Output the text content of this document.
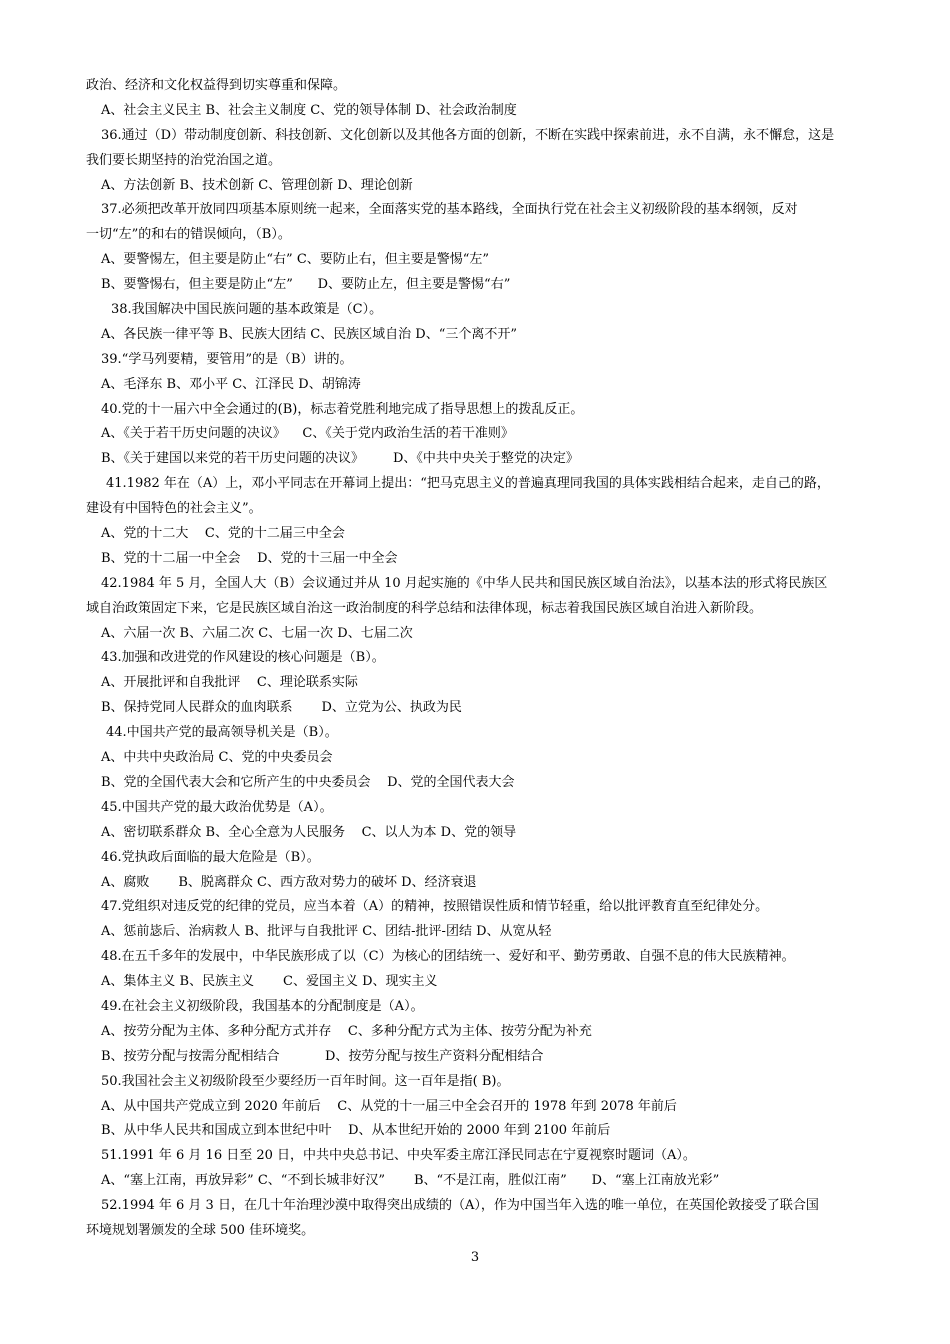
政治、经济和文化权益得到切实尊重和保障。
A、社会主义民主 B、社会主义制度 C、党的领导体制 D、社会政治制度
36.通过（D）带动制度创新、科技创新、文化创新以及其他各方面的创新，不断在实践中探索前进，永不自满，永不懈怠，这是
我们要长期坚持的治党治国之道。
A、方法创新 B、技术创新 C、管理创新 D、理论创新
37.必须把改革开放同四项基本原则统一起来，全面落实党的基本路线，全面执行党在社会主义初级阶段的基本纲领，反对
一切“左”的和右的错误倾向，（B）。
A、要警惕左，但主要是防止“右” C、要防止右，但主要是警惕“左”
B、要警惕右，但主要是防止“左”      D、要防止左，但主要是警惕“右”
38.我国解决中国民族问题的基本政策是（C）。
A、各民族一律平等 B、民族大团结 C、民族区域自治 D、“三个离不开”
39.“学马列要精，要管用”的是（B）讲的。
A、毛泽东 B、邓小平 C、江泽民 D、胡锦涛
40.党的十一届六中全会通过的(B)，标志着党胜利地完成了指导思想上的拨乱反正。
A、《关于若干历史问题的决议》    C、《关于党内政治生活的若干准则》
B、《关于建国以来党的若干历史问题的决议》       D、《中共中央关于整党的决定》
41.1982 年在（A）上，邓小平同志在开幕词上提出：“把马克思主义的普遍真理同我国的具体实践相结合起来，走自己的路，
建设有中国特色的社会主义”。
A、党的十二大    C、党的十二届三中全会
B、党的十二届一中全会    D、党的十三届一中全会
42.1984 年 5 月，全国人大（B）会议通过并从 10 月起实施的《中华人民共和国民族区域自治法》，以基本法的形式将民族区
域自治政策固定下来，它是民族区域自治这一政治制度的科学总结和法律体现，标志着我国民族区域自治进入新阶段。
A、六届一次 B、六届二次 C、七届一次 D、七届二次
43.加强和改进党的作风建设的核心问题是（B）。
A、开展批评和自我批评    C、理论联系实际
B、保持党同人民群众的血肉联系       D、立党为公、执政为民
44.中国共产党的最高领导机关是（B）。
A、中共中央政治局 C、党的中央委员会
B、党的全国代表大会和它所产生的中央委员会    D、党的全国代表大会
45.中国共产党的最大政治优势是（A）。
A、密切联系群众 B、全心全意为人民服务    C、以人为本 D、党的领导
46.党执政后面临的最大危险是（B）。
A、腐败       B、脱离群众 C、西方敌对势力的破坏 D、经济衰退
47.党组织对违反党的纪律的党员，应当本着（A）的精神，按照错误性质和情节轻重，给以批评教育直至纪律处分。
A、惩前毖后、治病救人 B、批评与自我批评 C、团结-批评-团结 D、从宽从轻
48.在五千多年的发展中，中华民族形成了以（C）为核心的团结统一、爱好和平、勤劳勇敢、自强不息的伟大民族精神。
A、集体主义 B、民族主义       C、爱国主义 D、现实主义
49.在社会主义初级阶段，我国基本的分配制度是（A）。
A、按劳分配为主体、多种分配方式并存    C、多种分配方式为主体、按劳分配为补充
B、按劳分配与按需分配相结合           D、按劳分配与按生产资料分配相结合
50.我国社会主义初级阶段至少要经历一百年时间。这一百年是指( B)。
A、从中国共产党成立到 2020 年前后    C、从党的十一届三中全会召开的 1978 年到 2078 年前后
B、从中华人民共和国成立到本世纪中叶    D、从本世纪开始的 2000 年到 2100 年前后
51.1991 年 6 月 16 日至 20 日，中共中央总书记、中央军委主席江泽民同志在宁夏视察时题词（A）。
A、“塞上江南，再放异彩” C、“不到长城非好汉”       B、“不是江南，胜似江南”      D、“塞上江南放光彩”
52.1994 年 6 月 3 日，在几十年治理沙漠中取得突出成绩的（A），作为中国当年入选的唯一单位，在英国伦敦接受了联合国
环境规划署颁发的全球 500 佳环境奖。
3
